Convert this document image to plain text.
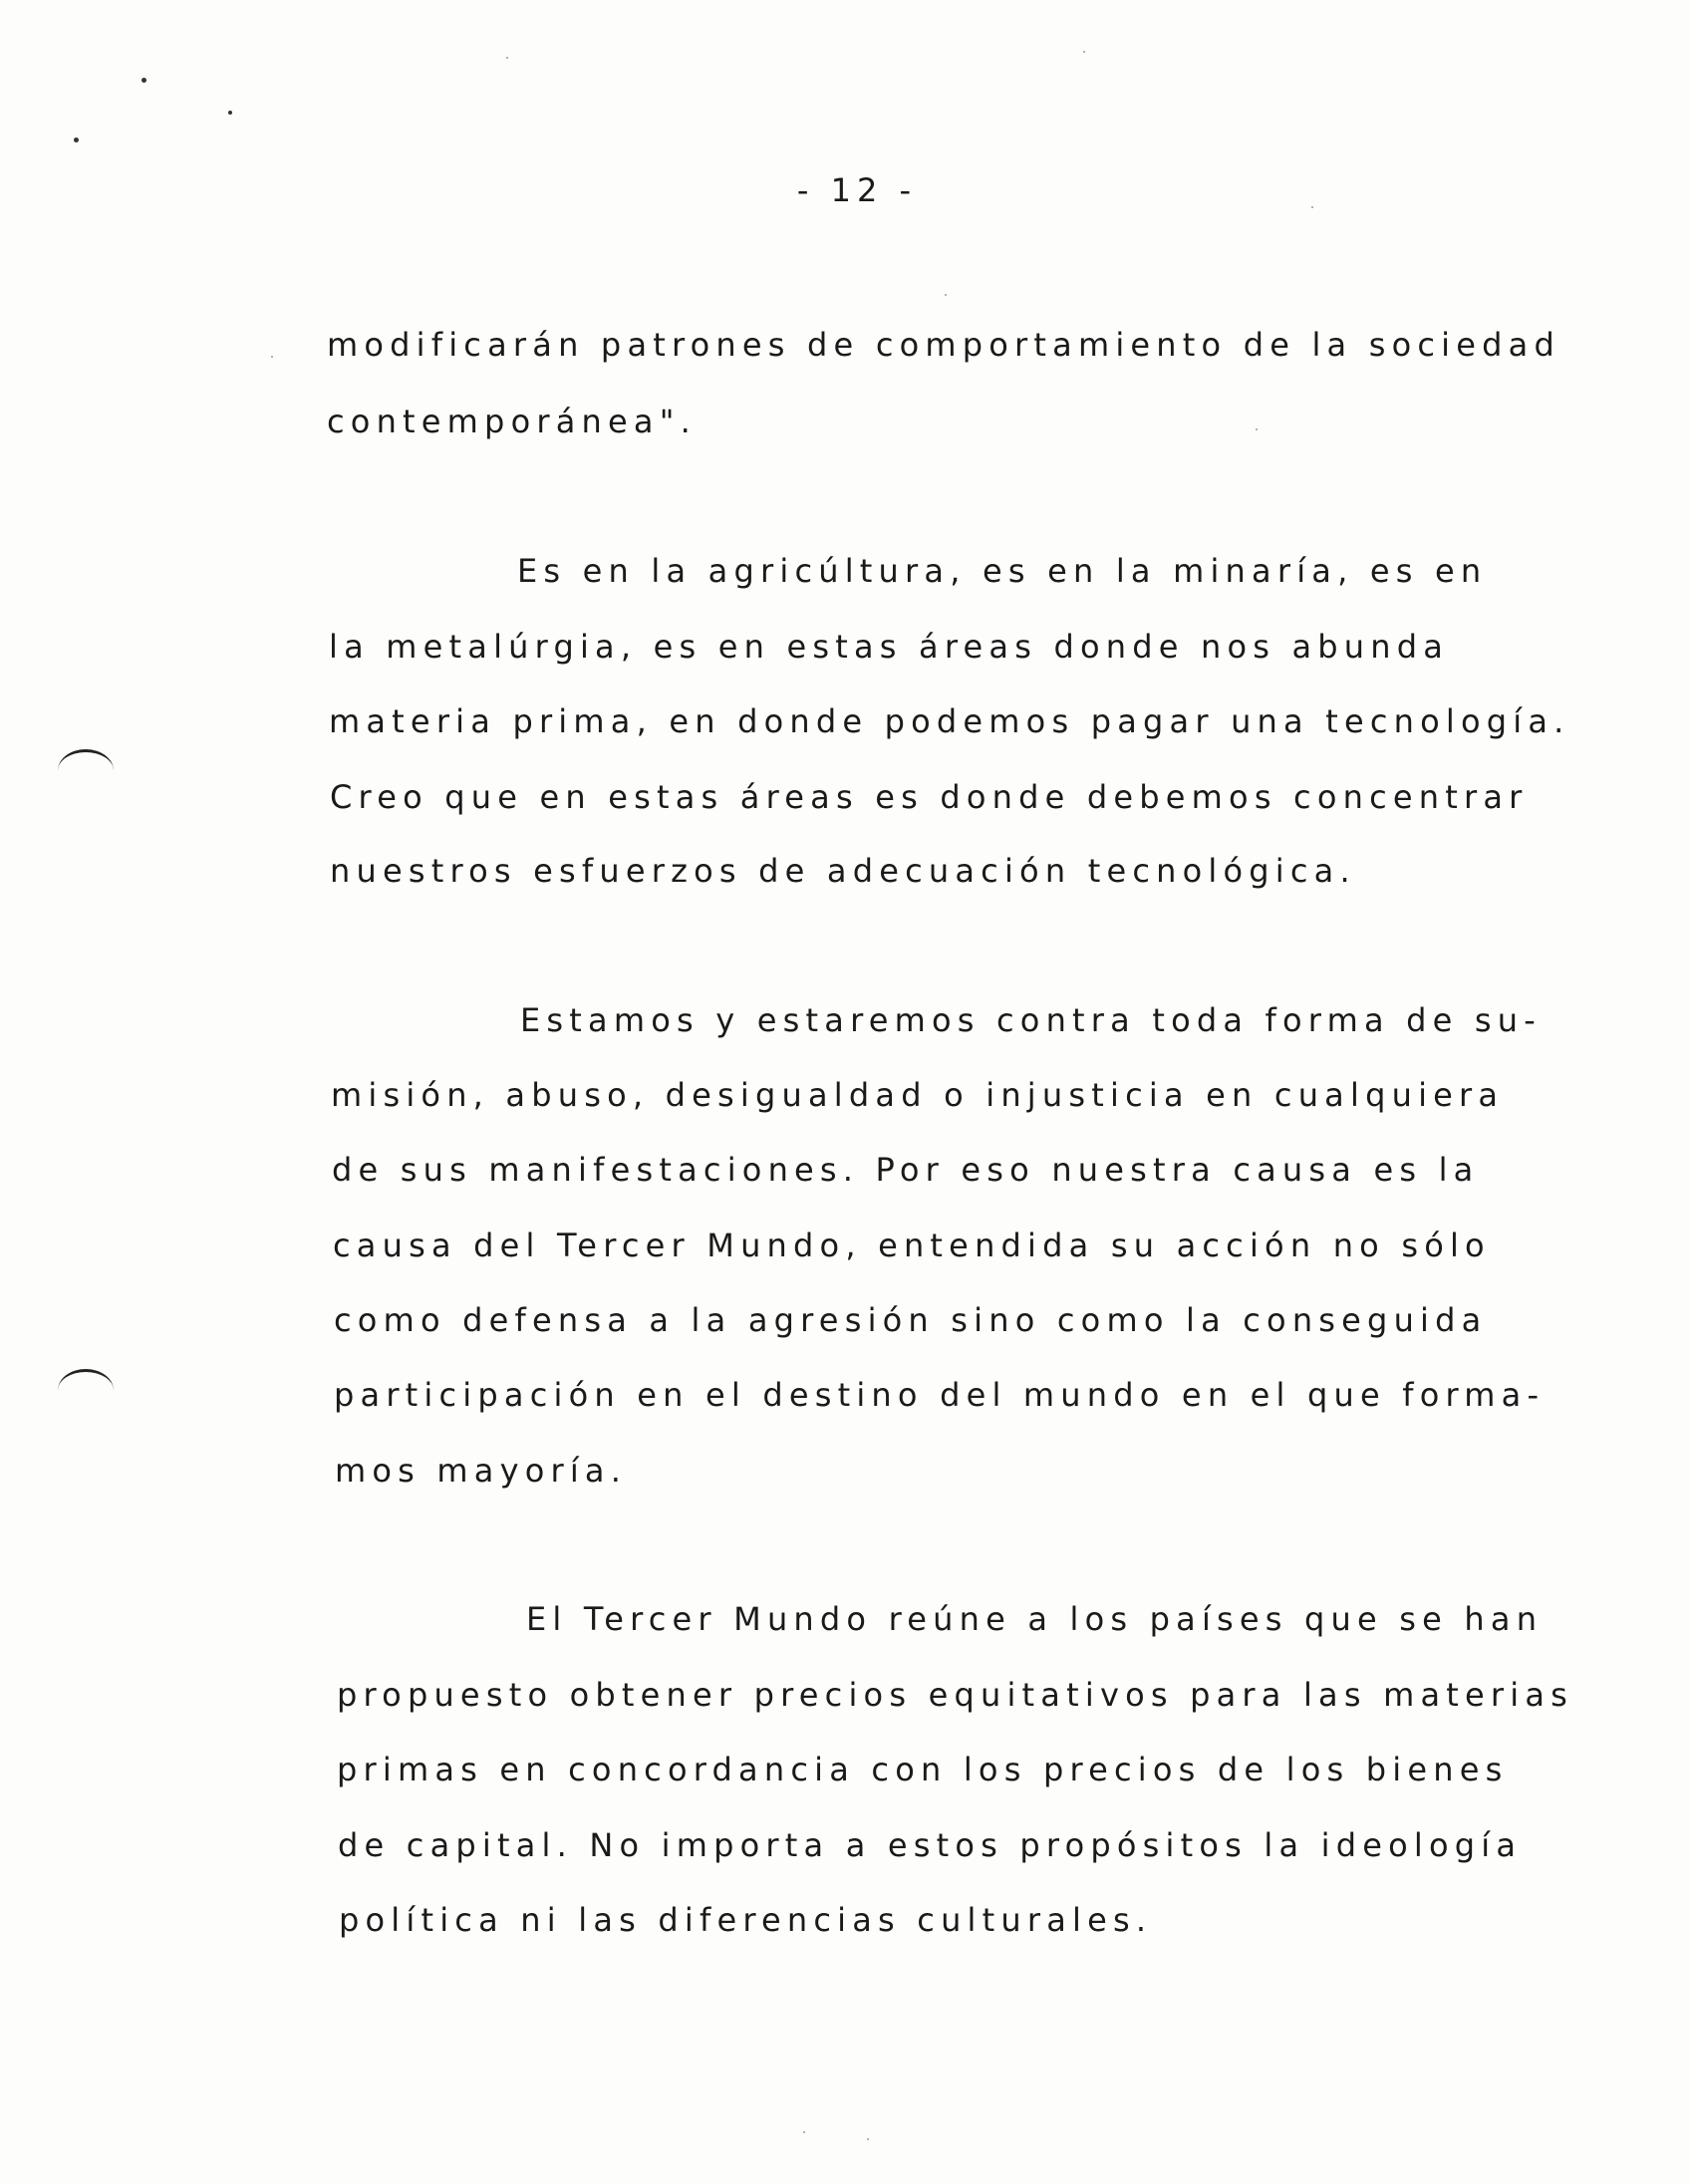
- 12 -
modificarán patrones de comportamiento de la sociedad
contemporánea".
Es en la agricúltura, es en la minaría, es en
la metalúrgia, es en estas áreas donde nos abunda
materia prima, en donde podemos pagar una tecnología.
Creo que en estas áreas es donde debemos concentrar
nuestros esfuerzos de adecuación tecnológica.
Estamos y estaremos contra toda forma de su-
misión, abuso, desigualdad o injusticia en cualquiera
de sus manifestaciones. Por eso nuestra causa es la
causa del Tercer Mundo, entendida su acción no sólo
como defensa a la agresión sino como la conseguida
participación en el destino del mundo en el que forma-
mos mayoría.
El Tercer Mundo reúne a los países que se han
propuesto obtener precios equitativos para las materias
primas en concordancia con los precios de los bienes
de capital. No importa a estos propósitos la ideología
política ni las diferencias culturales.
